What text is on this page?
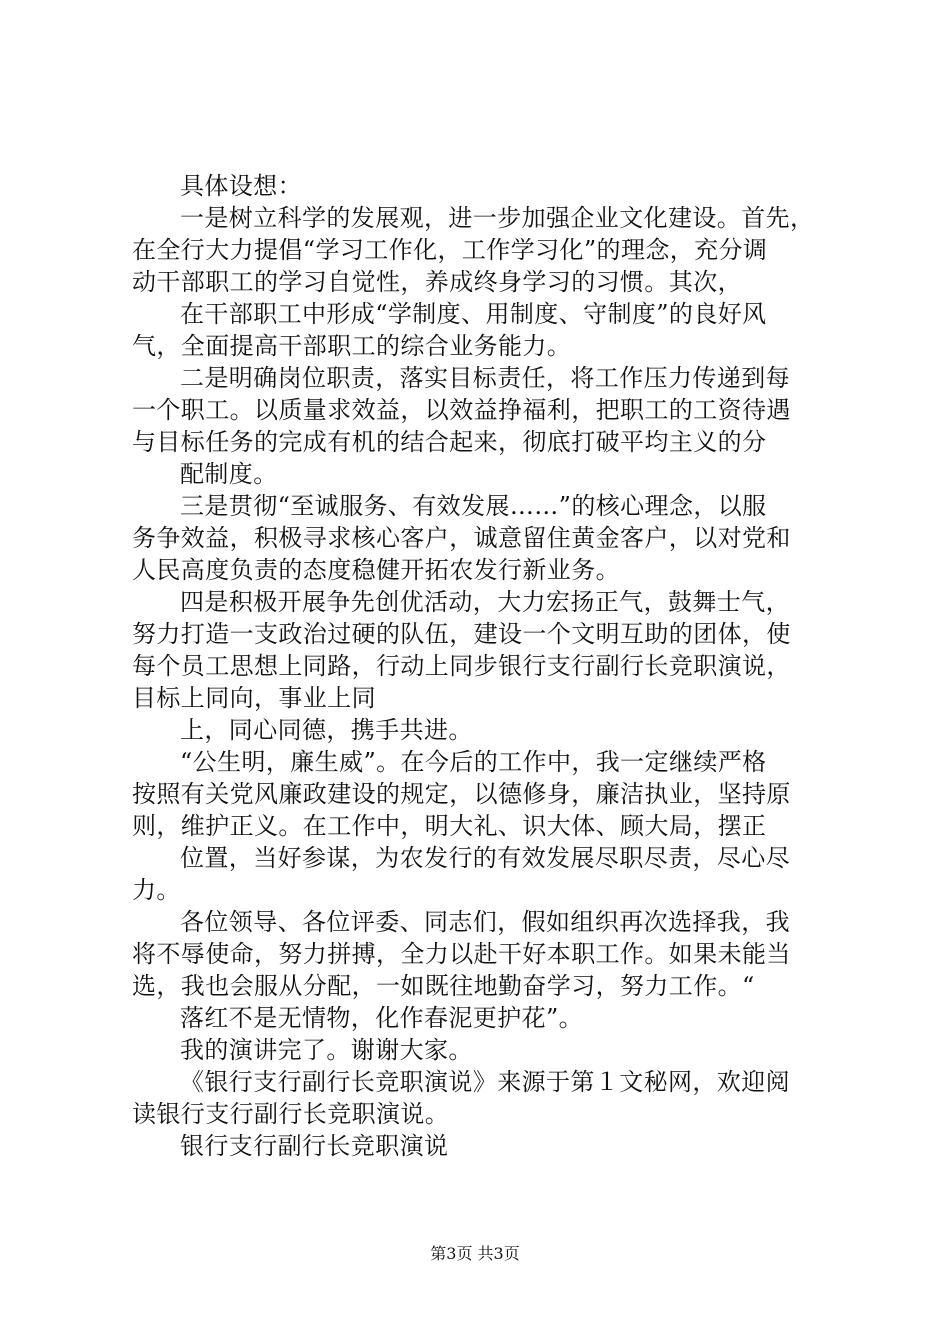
具体设想：
一是树立科学的发展观，进一步加强企业文化建设。首先，
在全行大力提倡“学习工作化，工作学习化”的理念，充分调
动干部职工的学习自觉性，养成终身学习的习惯。其次，
在干部职工中形成“学制度、用制度、守制度”的良好风
气，全面提高干部职工的综合业务能力。
二是明确岗位职责，落实目标责任，将工作压力传递到每
一个职工。以质量求效益，以效益挣福利，把职工的工资待遇
与目标任务的完成有机的结合起来，彻底打破平均主义的分
配制度。
三是贯彻“至诚服务、有效发展……”的核心理念，以服
务争效益，积极寻求核心客户，诚意留住黄金客户，以对党和
人民高度负责的态度稳健开拓农发行新业务。
四是积极开展争先创优活动，大力宏扬正气，鼓舞士气，
努力打造一支政治过硬的队伍，建设一个文明互助的团体，使
每个员工思想上同路，行动上同步银行支行副行长竞职演说，
目标上同向，事业上同
上，同心同德，携手共进。
“公生明，廉生威”。在今后的工作中，我一定继续严格
按照有关党风廉政建设的规定，以德修身，廉洁执业，坚持原
则，维护正义。在工作中，明大礼、识大体、顾大局，摆正
位置，当好参谋，为农发行的有效发展尽职尽责，尽心尽
力。
各位领导、各位评委、同志们，假如组织再次选择我，我
将不辱使命，努力拼搏，全力以赴干好本职工作。如果未能当
选，我也会服从分配，一如既往地勤奋学习，努力工作。“
落红不是无情物，化作春泥更护花”。
我的演讲完了。谢谢大家。
《银行支行副行长竞职演说》来源于第１文秘网，欢迎阅
读银行支行副行长竞职演说。
银行支行副行长竞职演说
第3页 共3页
